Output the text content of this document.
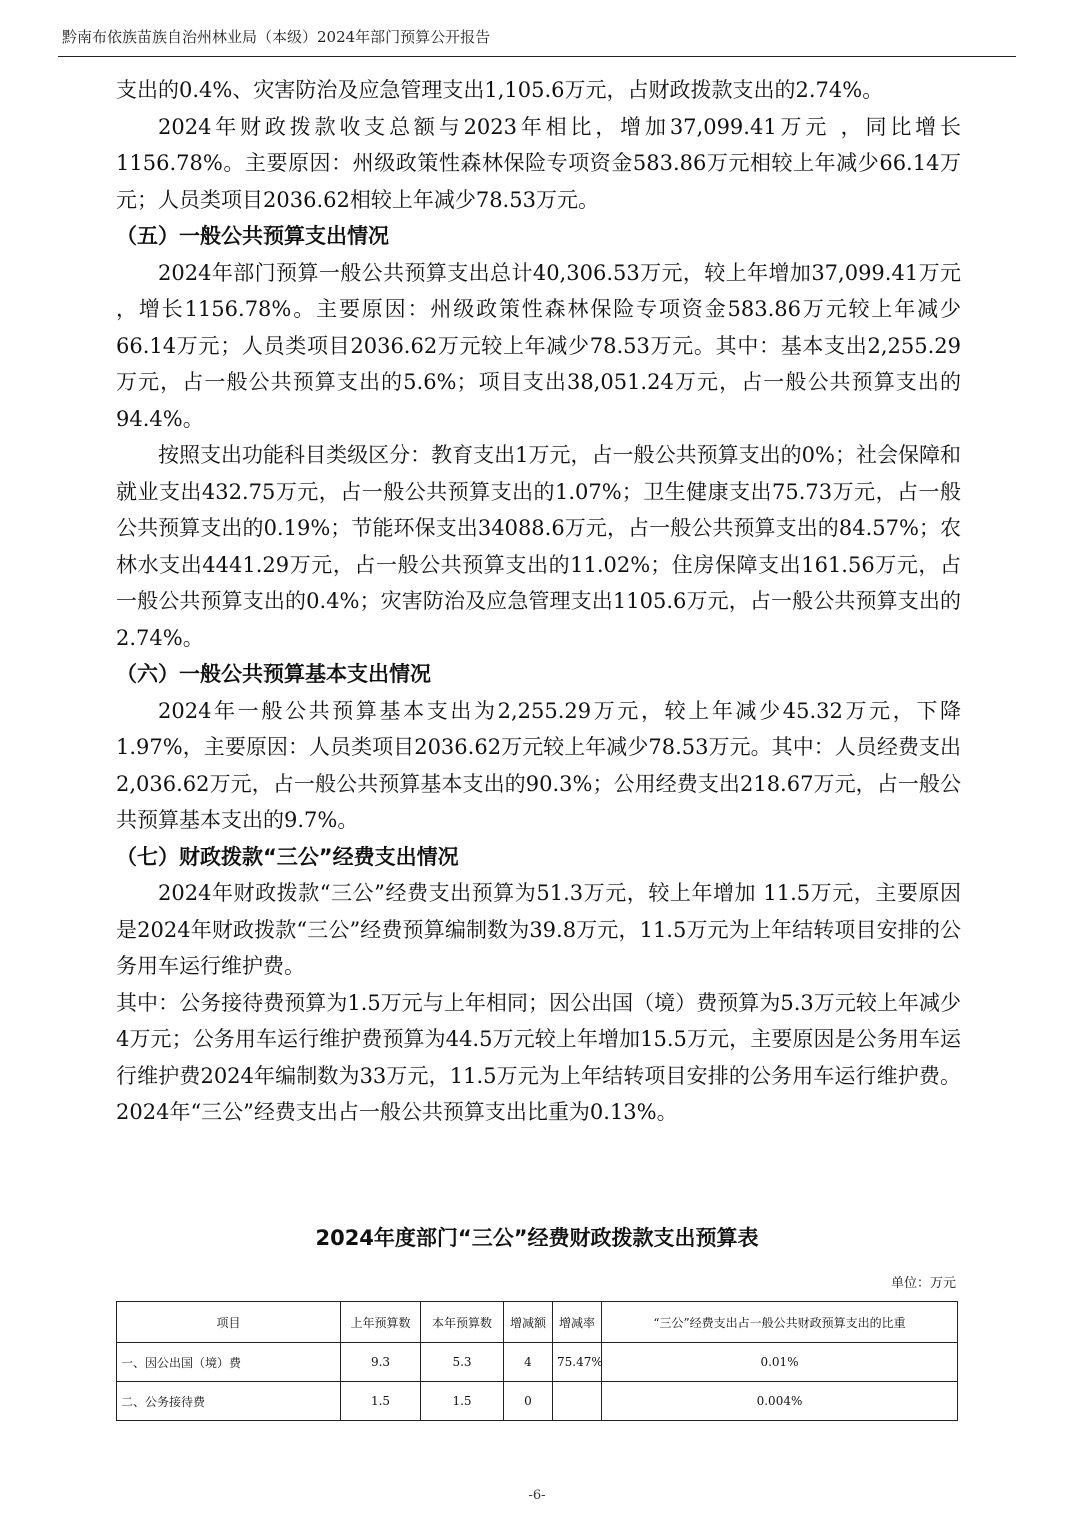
黔南布依族苗族自治州林业局（本级）2024年部门预算公开报告

支出的0.4%、灾害防治及应急管理支出1,105.6万元，占财政拨款支出的2.74%。

2024年财政拨款收支总额与2023年相比，增加37,099.41万元 ，同比增长1156.78%。主要原因：州级政策性森林保险专项资金583.86万元相较上年减少66.14万元；人员类项目2036.62相较上年减少78.53万元。

（五）一般公共预算支出情况

2024年部门预算一般公共预算支出总计40,306.53万元，较上年增加37,099.41万元 ，增长1156.78%。主要原因：州级政策性森林保险专项资金583.86万元较上年减少66.14万元；人员类项目2036.62万元较上年减少78.53万元。其中：基本支出2,255.29万元，占一般公共预算支出的5.6%；项目支出38,051.24万元，占一般公共预算支出的94.4%。

按照支出功能科目类级区分：教育支出1万元，占一般公共预算支出的0%；社会保障和就业支出432.75万元，占一般公共预算支出的1.07%；卫生健康支出75.73万元，占一般公共预算支出的0.19%；节能环保支出34088.6万元，占一般公共预算支出的84.57%；农林水支出4441.29万元，占一般公共预算支出的11.02%；住房保障支出161.56万元，占一般公共预算支出的0.4%；灾害防治及应急管理支出1105.6万元，占一般公共预算支出的2.74%。

（六）一般公共预算基本支出情况

2024年一般公共预算基本支出为2,255.29万元，较上年减少45.32万元，下降1.97%，主要原因：人员类项目2036.62万元较上年减少78.53万元。其中：人员经费支出2,036.62万元，占一般公共预算基本支出的90.3%；公用经费支出218.67万元，占一般公共预算基本支出的9.7%。

（七）财政拨款“三公”经费支出情况

2024年财政拨款“三公”经费支出预算为51.3万元，较上年增加 11.5万元，主要原因是2024年财政拨款“三公”经费预算编制数为39.8万元，11.5万元为上年结转项目安排的公务用车运行维护费。

其中：公务接待费预算为1.5万元与上年相同；因公出国（境）费预算为5.3万元较上年减少4万元；公务用车运行维护费预算为44.5万元较上年增加15.5万元，主要原因是公务用车运行维护费2024年编制数为33万元，11.5万元为上年结转项目安排的公务用车运行维护费。2024年“三公”经费支出占一般公共预算支出比重为0.13%。

2024年度部门“三公”经费财政拨款支出预算表
单位：万元
项目	上年预算数	本年预算数	增减额	增减率	“三公”经费支出占一般公共财政预算支出的比重
一、因公出国（境）费	9.3	5.3	4	75.47%	0.01%
二、公务接待费	1.5	1.5	0		0.004%
-6-
